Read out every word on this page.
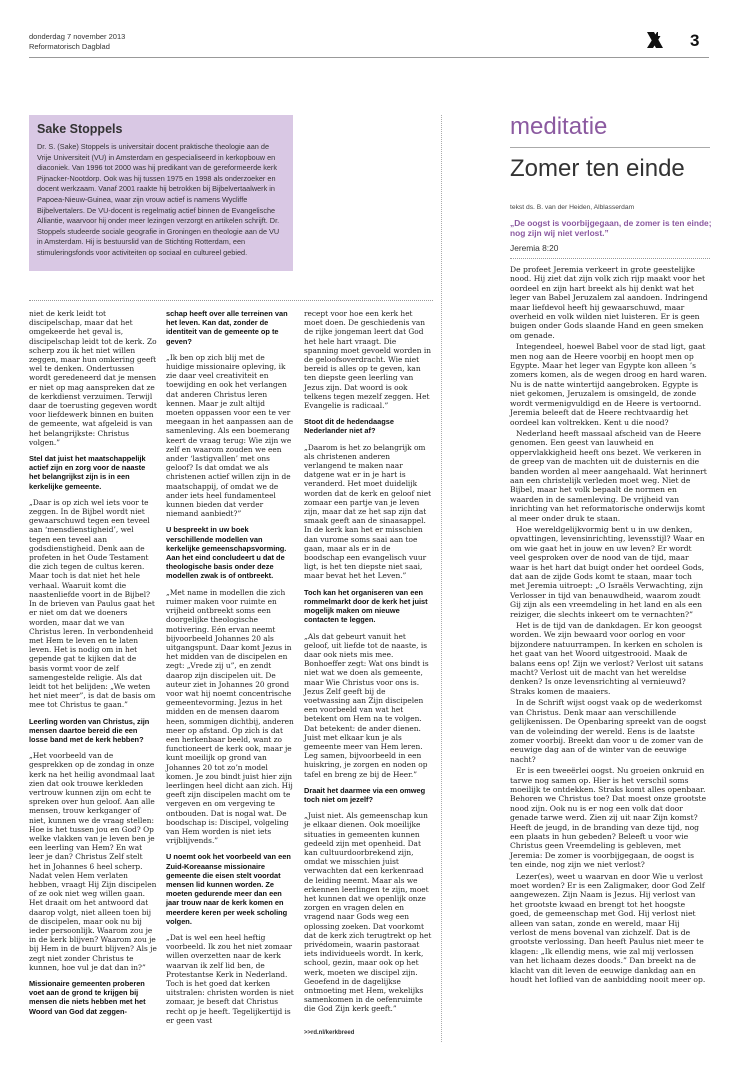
donderdag 7 november 2013
Reformatorisch Dagblad	3
Sake Stoppels

Dr. S. (Sake) Stoppels is universitair docent praktische theologie aan de Vrije Universiteit (VU) in Amsterdam en gespecialiseerd in kerkopbouw en diaconiek. Van 1996 tot 2000 was hij predikant van de gereformeerde kerk Pijnacker-Nootdorp. Ook was hij tussen 1975 en 1998 als onderzoeker en docent werkzaam. Vanaf 2001 raakte hij betrokken bij Bijbelvertaalwerk in Papoea-Nieuw-Guinea, waar zijn vrouw actief is namens Wycliffe Bijbelvertalers. De VU-docent is regelmatig actief binnen de Evangelische Alliantie, waarvoor hij onder meer lezingen verzorgt en artikelen schrijft. Dr. Stoppels studeerde sociale geografie in Groningen en theologie aan de VU in Amsterdam. Hij is bestuurslid van de Stichting Rotterdam, een stimuleringsfonds voor activiteiten op sociaal en cultureel gebied.

niet de kerk leidt tot discipelschap, maar dat het omgekeerde het geval is, discipelschap leidt tot de kerk. Zo scherp zou ik het niet willen zeggen, maar hun omkering geeft wel te denken. Ondertussen wordt geredeneerd dat je mensen er niet op mag aanspreken dat ze de kerkdienst verzuimen. Terwijl daar de toerusting gegeven wordt voor liefdewerk binnen en buiten de gemeente, wat afgeleid is van het belangrijkste: Christus volgen.”

Stel dat juist het maatschappelijk actief zijn en zorg voor de naaste het belangrijkst zijn is in een kerkelijke gemeente.

„Daar is op zich wel iets voor te zeggen. In de Bijbel wordt niet gewaarschuwd tegen een teveel aan ‘mensdienstigheid’, wel tegen een teveel aan godsdienstigheid. Denk aan de profeten in het Oude Testament die zich tegen de cultus keren. Maar toch is dat niet het hele verhaal. Waaruit komt die naastenliefde voort in de Bijbel? In de brieven van Paulus gaat het er niet om dat we doeners worden, maar dat we van Christus leren. In verbondenheid met Hem te leven en te laten leven. Het is nodig om in het gepende gat te kijken dat de basis vormt voor de zelf samengestelde religie. Als dat leidt tot het belijden: „We weten het niet meer”, is dat de basis om mee tot Christus te gaan.”

Leerling worden van Christus, zijn mensen daartoe bereid die een losse band met de kerk hebben?

„Het voorbeeld van de gesprekken op de zondag in onze kerk na het heilig avondmaal laat zien dat ook trouwe kerkleden vertrouw kunnen zijn om echt te spreken over hun geloof. Aan alle mensen, trouw kerkganger of niet, kunnen we de vraag stellen: Hoe is het tussen jou en God? Op welke vlakken van je leven ben je een leerling van Hem? En wat leer je dan? Christus Zelf stelt het in Johannes 6 heel scherp. Nadat velen Hem verlaten hebben, vraagt Hij Zijn discipelen of ze ook niet weg willen gaan. Het draait om het antwoord dat daarop volgt, niet alleen toen bij de discipelen, maar ook nu bij ieder persoonlijk. Waarom zou je in de kerk blijven? Waarom zou je bij Hem in de buurt blijven? Als je zegt niet zonder Christus te kunnen, hoe vul je dat dan in?”

Missionaire gemeenten proberen voet aan de grond te krijgen bij mensen die niets hebben met het Woord van God dat zeggen-

schap heeft over alle terreinen van het leven. Kan dat, zonder de identiteit van de gemeente op te geven?

„Ik ben op zich blij met de huidige missionaire opleving, ik zie daar veel creativiteit en toewijding en ook het verlangen dat anderen Christus leren kennen. Maar je zult altijd moeten oppassen voor een te ver meegaan in het aanpassen aan de samenleving. Als een boemerang keert de vraag terug: Wie zijn we zelf en waarom zouden we een ander ‘lastigvallen’ met ons geloof? Is dat omdat we als christenen actief willen zijn in de maatschappij, of omdat we de ander iets heel fundamenteel kunnen bieden dat verder niemand aanbiedt?”

U bespreekt in uw boek verschillende modellen van kerkelijke gemeenschapsvorming. Aan het eind concludeert u dat de theologische basis onder deze modellen zwak is of ontbreekt.

„Met name in modellen die zich ruimer maken voor ruimte en vrijheid ontbreekt soms een doorgelijke theologische motivering. Eén ervan neemt bijvoorbeeld Johannes 20 als uitgangspunt. Daar komt Jezus in het midden van de discipelen en zegt: „Vrede zij u”, en zendt daarop zijn discipelen uit. De auteur ziet in Johannes 20 grond voor wat hij noemt concentrische gemeentevorming. Jezus in het midden en de mensen daarom heen, sommigen dichtbij, anderen meer op afstand. Op zich is dat een herkenbaar beeld, want zo functioneert de kerk ook, maar je kunt moeilijk op grond van Johannes 20 tot zo’n model komen. Je zou bindt juist hier zijn leerlingen heel dicht aan zich. Hij geeft zijn discipelen macht om te vergeven en om vergeving te ontbouden. Dat is nogal wat. De boodschap is: Discipel, volgeling van Hem worden is niet iets vrijblijvends.”

U noemt ook het voorbeeld van een Zuid-Koreaanse missionaire gemeente die eisen stelt voordat mensen lid kunnen worden. Ze moeten gedurende meer dan een jaar trouw naar de kerk komen en meerdere keren per week scholing volgen.

„Dat is wel een heel heftig voorbeeld. Ik zou het niet zomaar willen overzetten naar de kerk waarvan ik zelf lid ben, de Protestantse Kerk in Nederland. Toch is het goed dat kerken uitstralen: christen worden is niet zomaar, je beseft dat Christus recht op je heeft. Tegelijkertijd is er geen vast

recept voor hoe een kerk het moet doen. De geschiedenis van de rijke jongeman leert dat God het hele hart vraagt. Die spanning moet gevoeld worden in de geloofsoverdracht. Wie niet bereid is alles op te geven, kan ten diepste geen leerling van Jezus zijn. Dat woord is ook telkens tegen mezelf zeggen. Het Evangelie is radicaal.”

Stoot dit de hedendaagse Nederlander niet af?

„Daarom is het zo belangrijk om als christenen anderen verlangend te maken naar datgene wat er in je hart is veranderd. Het moet duidelijk worden dat de kerk en geloof niet zomaar een partje van je leven zijn, maar dat ze het sap zijn dat smaak geeft aan de sinaasappel. In de kerk kan het er misschien dan vurome soms saai aan toe gaan, maar als er in de boodschap een evangelisch vuur ligt, is het ten diepste niet saai, maar bevat het het Leven.”

Toch kan het organiseren van een rommelmarkt door de kerk het juist mogelijk maken om nieuwe contacten te leggen.

„Als dat gebeurt vanuit het geloof, uit liefde tot de naaste, is daar ook niets mis mee. Bonhoeffer zegt: Wat ons bindt is niet wat we doen als gemeente, maar Wie Christus voor ons is. Jezus Zelf geeft bij de voetwassing aan Zijn discipelen een voorbeeld van wat het betekent om Hem na te volgen. Dat betekent: de ander dienen. Juist met elkaar kun je als gemeente meer van Hem leren. Leg samen, bijvoorbeeld in een huiskring, je zorgen en noden op tafel en breng ze bij de Heer.”

Draait het daarmee via een omweg toch niet om jezelf?

„Juist niet. Als gemeenschap kun je elkaar dienen. Ook moeilijke situaties in gemeenten kunnen gedeeld zijn met openheid. Dat kan cultuurdoorbrekend zijn, omdat we misschien juist verwachten dat een kerkenraad de leiding neemt. Maar als we erkennen leerlingen te zijn, moet het kunnen dat we openlijk onze zorgen en vragen delen en vragend naar Gods weg een oplossing zoeken. Dat voorkomt dat de kerk zich terugtrekt op het privédomein, waarin pastoraat iets individueels wordt. In kerk, school, gezin, maar ook op het werk, moeten we discipel zijn. Geoefend in de dagelijkse ontmoeting met Hem, wekelijks samenkomen in de oefenruimte die God Zijn kerk geeft.”

>>rd.nl/kerkbreed
meditatie
Zomer ten einde
tekst ds. B. van der Heiden, Alblasserdam
„De oogst is voorbijgegaan, de zomer is ten einde; nog zijn wij niet verlost.”
Jeremia 8:20

De profeet Jeremia verkeert in grote geestelijke nood. Hij ziet dat zijn volk zich rijp maakt voor het oordeel en zijn hart breekt als hij denkt wat het leger van Babel Jeruzalem zal aandoen. Indringend maar liefdevol heeft hij gewaarschuwd, maar overheid en volk wilden niet luisteren. Er is geen buigen onder Gods slaande Hand en geen smeken om genade.

Integendeel, hoewel Babel voor de stad ligt, gaat men nog aan de Heere voorbij en hoopt men op Egypte. Maar het leger van Egypte kon alleen ’s zomers komen, als de wegen droog en hard waren. Nu is de natte wintertijd aangebroken. Egypte is niet gekomen, Jeruzalem is omsingeld, de zonde wordt vermenigvuldigd en de Heere is vertoornd. Jeremia beleeft dat de Heere rechtvaardig het oordeel kan voltrekken. Kent u die nood?

Nederland heeft massaal afscheid van de Heere genomen. Een geest van lauwheid en oppervlakkigheid heeft ons bezet. We verkeren in de greep van de machten uit de duisternis en die banden worden al meer aangehaald. Wat herinnert aan een christelijk verleden moet weg. Niet de Bijbel, maar het volk bepaalt de normen en waarden in de samenleving. De vrijheid van inrichting van het reformatorische onderwijs komt al meer onder druk te staan.

Hoe wereldgelijkvormig bent u in uw denken, opvattingen, levensinrichting, levensstijl? Waar en om wie gaat het in jouw en uw leven? Er wordt veel gesproken over de nood van de tijd, maar waar is het hart dat buigt onder het oordeel Gods, dat aan de zijde Gods komt te staan, maar toch met Jeremia uitroept: „O Israëls Verwachting, zijn Verlosser in tijd van benauwdheid, waarom zoudt Gij zijn als een vreemdeling in het land en als een reiziger, die slechts inkeert om te vernachten?”

Het is de tijd van de dankdagen. Er kon geoogst worden. We zijn bewaard voor oorlog en voor bijzondere natuurrampen. In kerken en scholen is het gaat van het Woord uitgestrooid. Maak de balans eens op! Zijn we verlost? Verlost uit satans macht? Verlost uit de macht van het wereldse denken? Is onze levensrichting al vernieuwd? Straks komen de maaiers.

In de Schrift wijst oogst vaak op de wederkomst van Christus. Denk maar aan verschillende gelijkenissen. De Openbaring spreekt van de oogst van de voleinding der wereld. Eens is de laatste zomer voorbij. Breekt dan voor u de zomer van de eeuwige dag aan of de winter van de eeuwige nacht?

Er is een tweeërlei oogst. Nu groeien onkruid en tarwe nog samen op. Hier is het verschil soms moeilijk te ontdekken. Straks komt alles openbaar. Behoren we Christus toe? Dat moest onze grootste nood zijn. Ook nu is er nog een volk dat door genade tarwe werd. Zien zij uit naar Zijn komst? Heeft de jeugd, in de branding van deze tijd, nog een plaats in hun gebeden? Beleeft u voor wie Christus geen Vreemdeling is gebleven, met Jeremia: De zomer is voorbijgegaan, de oogst is ten einde, nog zijn we niet verlost?

Lezer(es), weet u waarvan en door Wie u verlost moet worden? Er is een Zaligmaker, door God Zelf aangewezen. Zijn Naam is Jezus. Hij verlost van het grootste kwaad en brengt tot het hoogste goed, de gemeenschap met God. Hij verlost niet alleen van satan, zonde en wereld, maar Hij verlost de mens bovenal van zichzelf. Dat is de grootste verlossing. Dan heeft Paulus niet meer te klagen: „Ik ellendig mens, wie zal mij verlossen van het lichaam dezes doods.” Dan breekt na de klacht van dit leven de eeuwige dankdag aan en houdt het loflied van de aanbidding nooit meer op.
